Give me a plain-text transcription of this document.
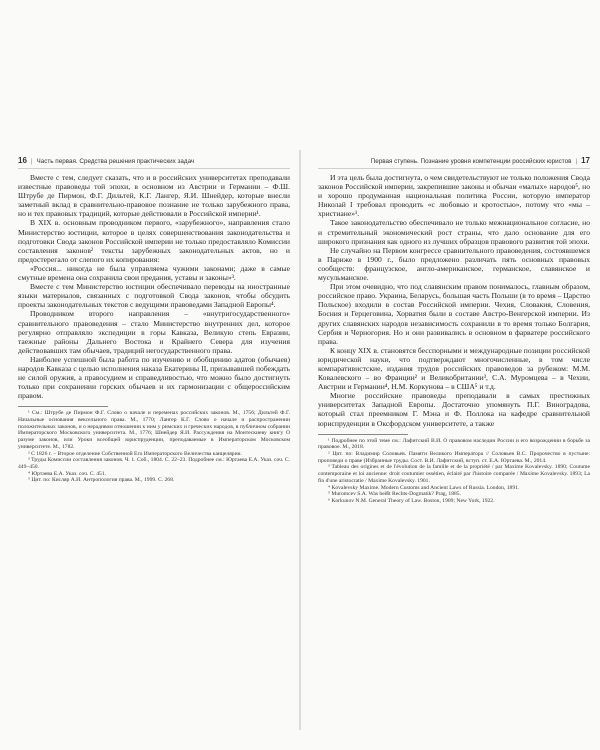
16 | Часть первая. Средства решения практических задач

Вместе с тем, следует сказать, что и в российских университетах преподавали известные правоведы той эпохи, в основном из Австрии и Германии – Ф.Ш. Штрубе де Пирмон, Ф.Г. Дильтей, К.Г. Лангер, Я.И. Шнейдер, которые внесли заметный вклад в сравнительно-правовое познание не только зарубежного права, но и тех правовых традиций, которые действовали в Российской империи¹.

В XIX в. основным проводником первого, «зарубежного», направления стало Министерство юстиции, которое в целях совершенствования законодательства и подготовки Свода законов Российской империи не только предоставляло Комиссии составления законов² тексты зарубежных законодательных актов, но и предостерегало от слепого их копирования:

«Россия... никогда не была управляема чужими законами; даже в самые смутные времена она сохранила свои предания, уставы и законы»³.

Вместе с тем Министерство юстиции обеспечивало переводы на иностранные языки материалов, связанных с подготовкой Свода законов, чтобы обсудить проекты законодательных текстов с ведущими правоведами Западной Европы⁴.

Проводником второго направления – «внутригосударственного» сравнительного правоведения – стало Министерство внутренних дел, которое регулярно отправляло экспедиции в горы Кавказа, Великую степь Евразии, таежные районы Дальнего Востока и Крайнего Севера для изучения действовавших там обычаев, традиций негосударственного права.

Наиболее успешной была работа по изучению и обобщению адатов (обычаев) народов Кавказа с целью исполнения наказа Екатерины II, призывавшей побеждать не силой оружия, а правосудием и справедливостью, что можно было достигнуть только при сохранении горских обычаев и их гармонизации с общероссийским правом.

¹ См.: Штрубе де Пирмон Ф.Г. Слово о начале и переменах российских законов. М., 1756; Дильтей Ф.Г. Начальные основания вексельного права. М., 1770; Лангер К.Г. Слово о начале и распространении положительных законов, и о нерадивом отношении к ним у римских и греческих народов, в публичном собрании Императорского Московского университета. М., 1776; Шнейдер Я.И. Рассуждения на Монтескиеву книгу О разуме законов, или Уроки всеобщей юриспруденции, преподаваемые в Императорском Московском университете. М., 1782.

² С 1826 г. – Второе отделение Собственной Его Императорского Величества канцелярии.

³ Труды Комиссии составления законов. Ч. 1. Соб., 1804. С. 22–23. Подробнее см.: Юртаева Е.А. Указ. соч. С. 449–450.

⁴ Юртаева Е.А. Указ. соч. С. 451.

⁵ Цит. по: Кисляр А.И. Антропология права. М., 1999. С. 268.

Первая ступень. Познание уровня компетенции российских юристов | 17

И эта цель была достигнута, о чем свидетельствуют не только положения Свода законов Российской империи, закрепившие законы и обычаи «малых» народов⁵, но и хорошо продуманная национальная политика России, которую император Николай I требовал проводить «с любовью и кротостью», потому что «мы – христиане»¹.

Такое законодательство обеспечивало не только межнациональное согласие, но и стремительный экономический рост страны, что дало основание для его широкого признания как одного из лучших образцов правового развития той эпохи.

Не случайно на Первом конгрессе сравнительного правоведения, состоявшемся в Париже в 1900 г., было предложено различать пять основных правовых сообществ: французское, англо-американское, германское, славянское и мусульманское.

При этом очевидно, что под славянским правом понималось, главным образом, российское право. Украина, Беларусь, большая часть Польши (в то время – Царство Польское) входили в состав Российской империи. Чехия, Словакия, Словения, Босния и Герцеговина, Хорватия были в составе Австро-Венгерской империи. Из других славянских народов независимость сохранили в то время только Болгария, Сербия и Черногория. Но и они развивались в основном в фарватере российского права.

К концу XIX в. становятся бесспорными и международные позиции российской юридической науки, что подтверждают многочисленные, в том числе компаративистские, издания трудов российских правоведов за рубежом: М.М. Ковалевского – во Франции² и Великобритании³, С.А. Муромцева – в Чехии, Австрии и Германии⁴, Н.М. Коркунова – в США⁵ и т.д.

Многие российские правоведы преподавали в самых престижных университетах Западной Европы. Достаточно упомянуть П.Г. Виноградова, который стал преемником Г. Мэна и Ф. Поллока на кафедре сравнительной юриспруденции в Оксфордском университете, а также

¹ Подробнее по этой теме см.: Лафитский В.И. О правовом наследии России и его возрождении в борьбе за правовое. М., 2018.

² Цит. по: Владимир Соловьев. Памяти Великого Императора // Соловьев В.С. Пророчество в пустыне: проповеди о праве (Избранные труды. Сост. В.И. Лафитский, вступ. ст. Е.А. Юртаева. М., 2014.

³ Tableau des origines et de l'évolution de la famille et de la propriété / par Maxime Kovalevsky. 1890; Coutume contemporaine et loi ancienne: droit coutumier ossétien, éclairé par l'histoire comparée / Maxime Kovalevsky. 1893; La fin d'une aristocratie / Maxime Kovalevsky. 1901.

⁴ Kovalevsky Maxime. Modern Customs and Ancient Laws of Russia. London, 1891.

⁵ Muromcev S.A. Was heißt Rechts-Dogmatik? Prag, 1885.

⁶ Korkunov N.M. General Theory of Law. Boston, 1909; New York, 1922.
